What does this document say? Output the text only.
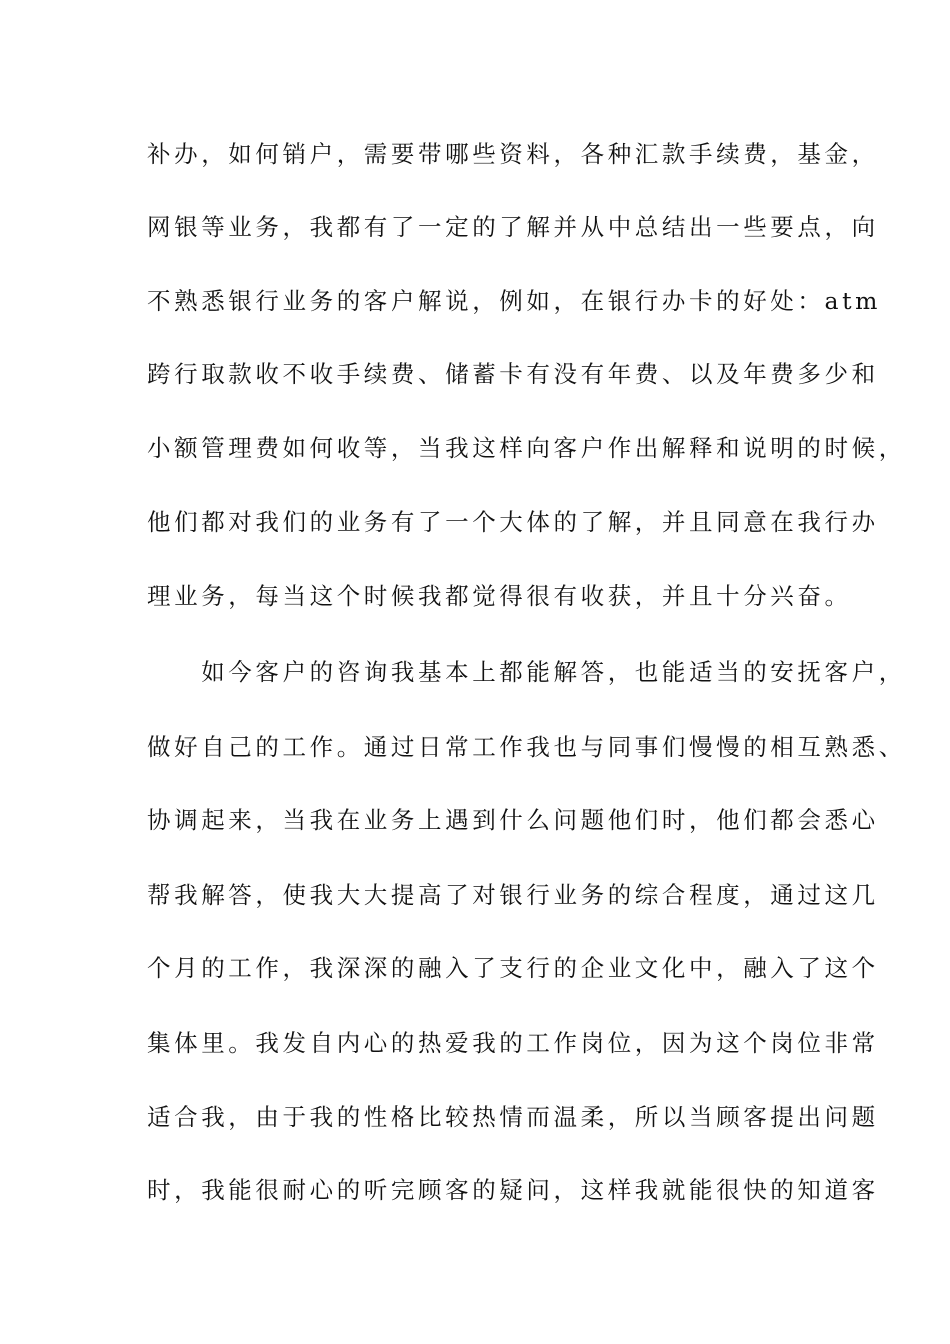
补办，如何销户，需要带哪些资料，各种汇款手续费，基金，
网银等业务，我都有了一定的了解并从中总结出一些要点，向
不熟悉银行业务的客户解说，例如，在银行办卡的好处：atm
跨行取款收不收手续费、储蓄卡有没有年费、以及年费多少和
小额管理费如何收等，当我这样向客户作出解释和说明的时候，
他们都对我们的业务有了一个大体的了解，并且同意在我行办
理业务，每当这个时候我都觉得很有收获，并且十分兴奋。
　　如今客户的咨询我基本上都能解答，也能适当的安抚客户，
做好自己的工作。通过日常工作我也与同事们慢慢的相互熟悉、
协调起来，当我在业务上遇到什么问题他们时，他们都会悉心
帮我解答，使我大大提高了对银行业务的综合程度，通过这几
个月的工作，我深深的融入了支行的企业文化中，融入了这个
集体里。我发自内心的热爱我的工作岗位，因为这个岗位非常
适合我，由于我的性格比较热情而温柔，所以当顾客提出问题
时，我能很耐心的听完顾客的疑问，这样我就能很快的知道客
